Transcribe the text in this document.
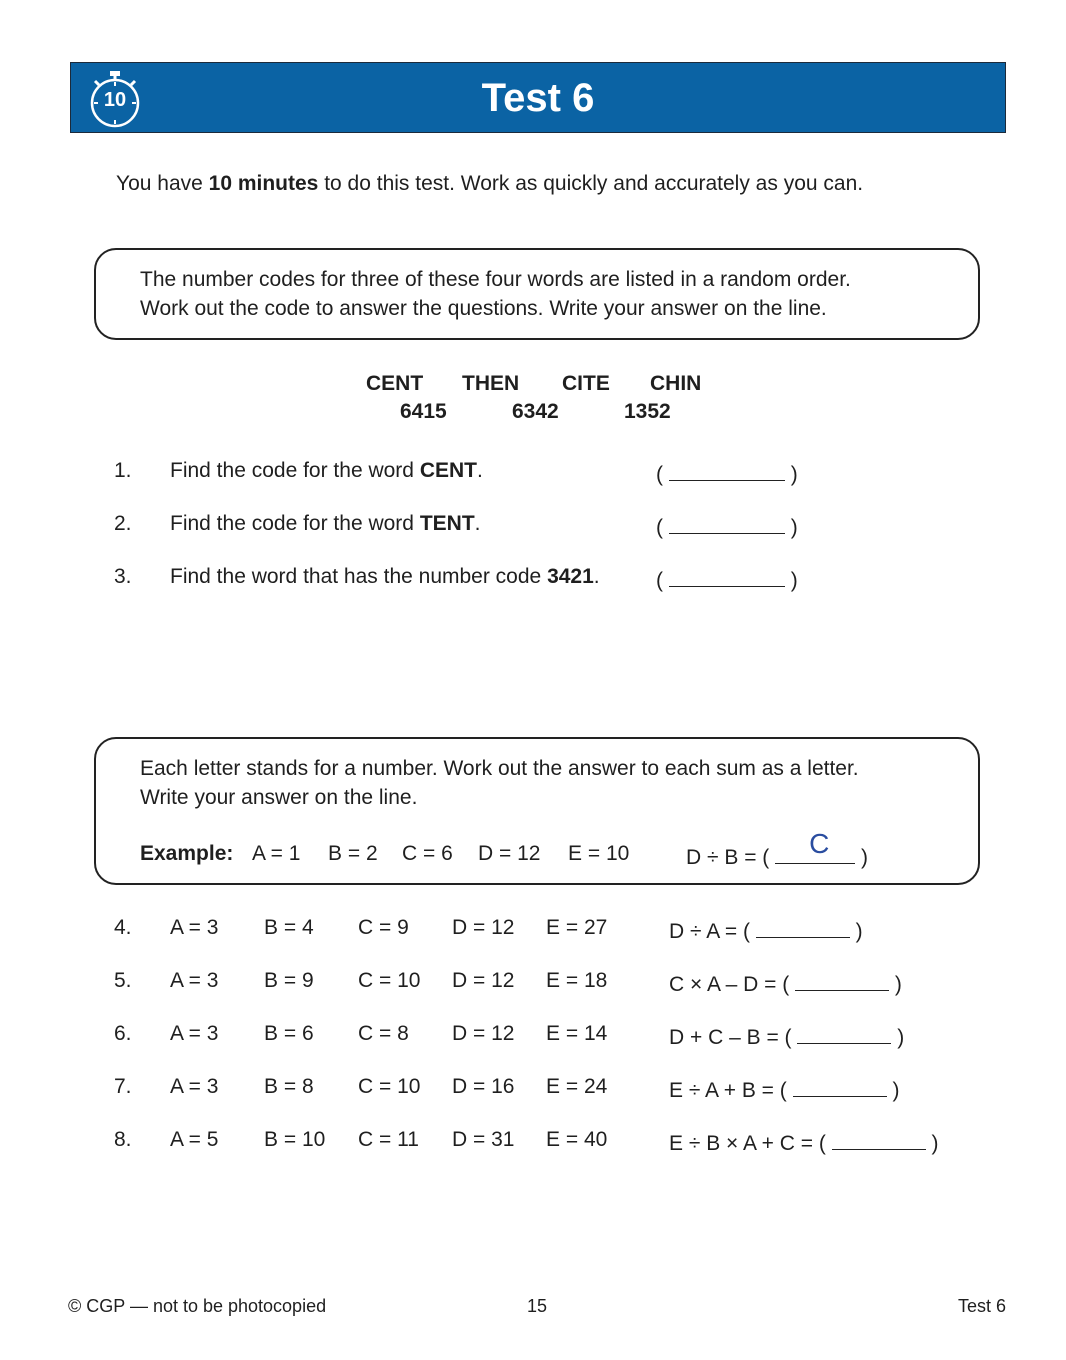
10	Test 6
You have 10 minutes to do this test. Work as quickly and accurately as you can.
The number codes for three of these four words are listed in a random order.
Work out the code to answer the questions. Write your answer on the line.
CENT THEN CITE CHIN
6415	6342	1352
1. Find the code for the word CENT.	(	)
2. Find the code for the word TENT.	(	)
3. Find the word that has the number code 3421.	(	)
Each letter stands for a number. Work out the answer to each sum as a letter.
Write your answer on the line.
Example: A = 1 B = 2 C = 6 D = 12 E = 10	D ÷ B = ( C )
4. A = 3 B = 4 C = 9 D = 12 E = 27	D ÷ A = (	)
5. A = 3 B = 9 C = 10 D = 12 E = 18	C × A – D = (	)
6. A = 3 B = 6 C = 8 D = 12 E = 14	D + C – B = (	)
7. A = 3 B = 8 C = 10 D = 16 E = 24	E ÷ A + B = (	)
8. A = 5 B = 10 C = 11 D = 31 E = 40	E ÷ B × A + C = (	)
© CGP — not to be photocopied	15	Test 6
